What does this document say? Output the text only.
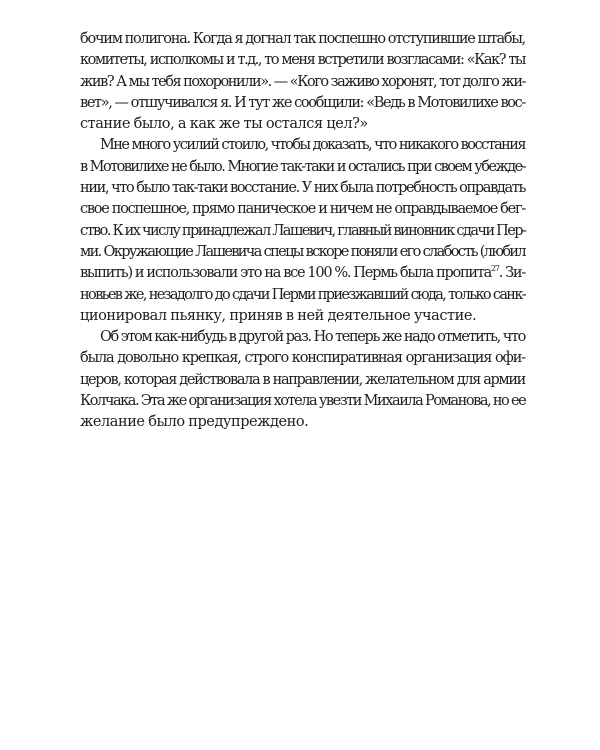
бочим полигона. Когда я догнал так поспешно отступившие штабы,
комитеты, исполкомы и т.д., то меня встретили возгласами: «Как? ты
жив? А мы тебя похоронили». — «Кого заживо хоронят, тот долго жи-
вет», — отшучивался я. И тут же сообщили: «Ведь в Мотовилихе вос-
стание было, а как же ты остался цел?»
Мне много усилий стоило, чтобы доказать, что никакого восстания
в Мотовилихе не было. Многие так-таки и остались при своем убежде-
нии, что было так-таки восстание. У них была потребность оправдать
свое поспешное, прямо паническое и ничем не оправдываемое бег-
ство. К их числу принадлежал Лашевич, главный виновник сдачи Пер-
ми. Окружающие Лашевича спецы вскоре поняли его слабость (любил
выпить) и использовали это на все 100 %. Пермь была пропита$^{27}$. Зи-
новьев же, незадолго до сдачи Перми приезжавший сюда, только санк-
ционировал пьянку, приняв в ней деятельное участие.
Об этом как-нибудь в другой раз. Но теперь же надо отметить, что
была довольно крепкая, строго конспиративная организация офи-
церов, которая действовала в направлении, желательном для армии
Колчака. Эта же организация хотела увезти Михаила Романова, но ее
желание было предупреждено.
